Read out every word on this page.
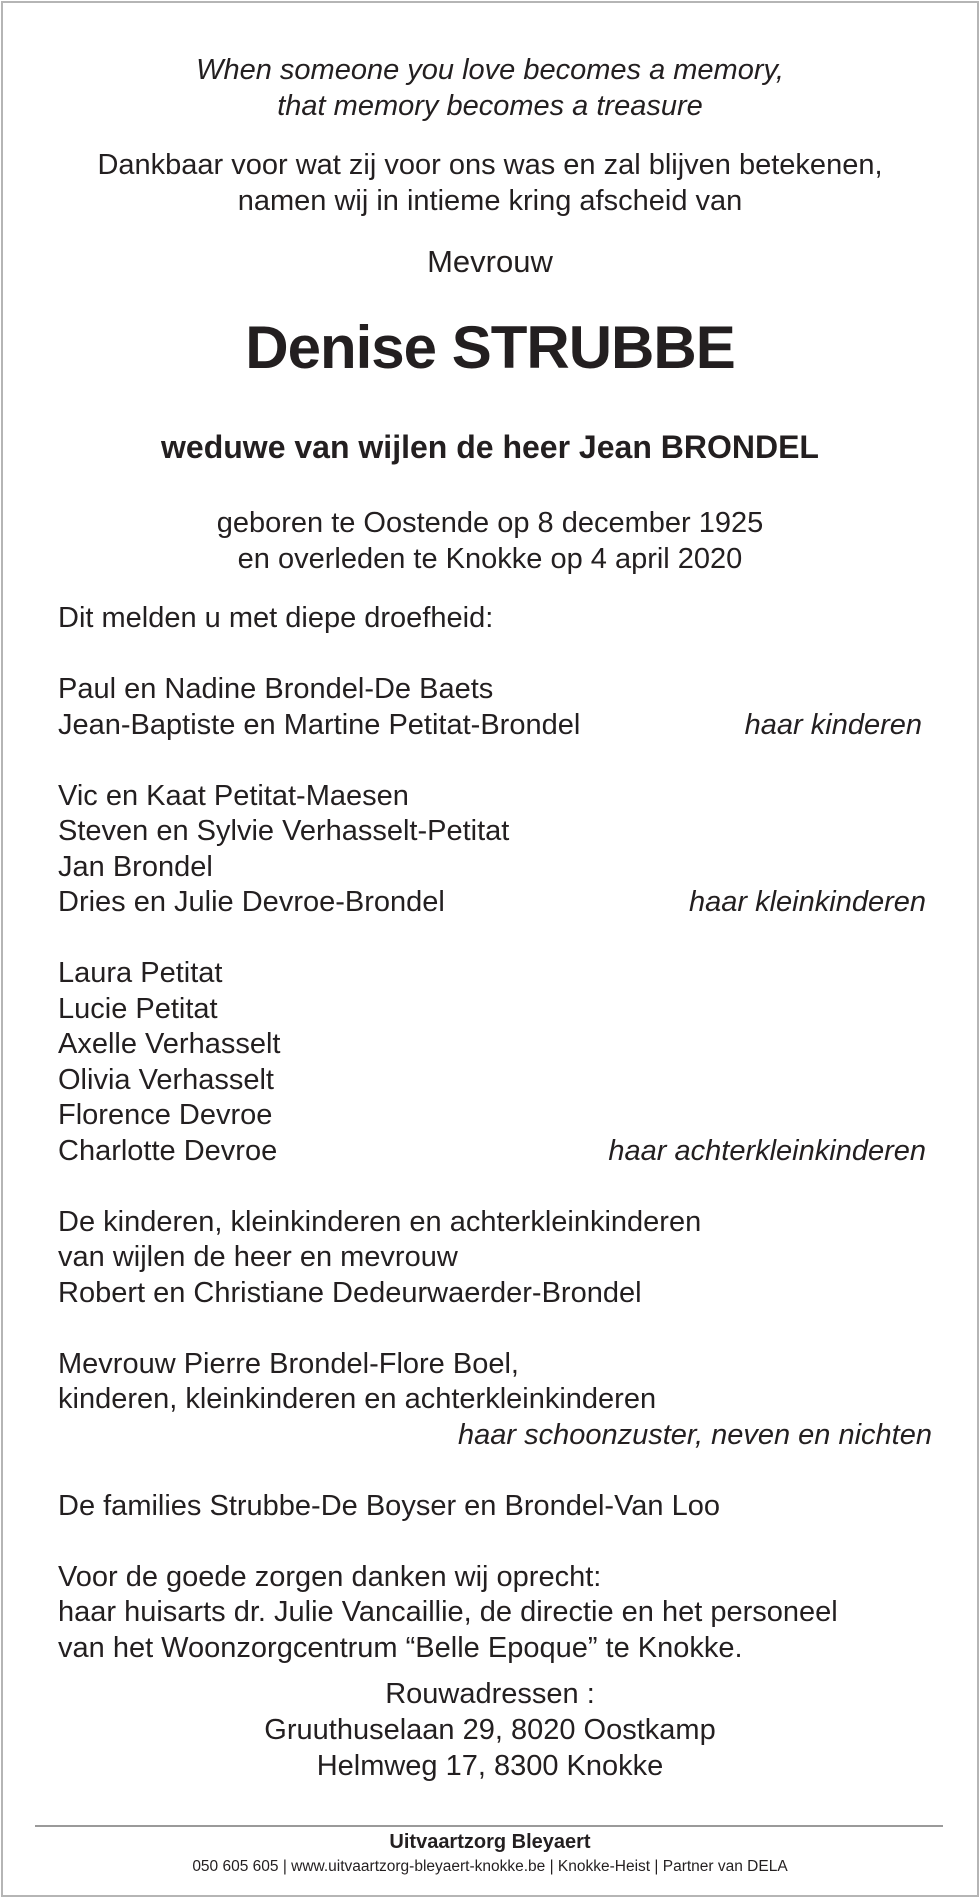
When someone you love becomes a memory,
that memory becomes a treasure
Dankbaar voor wat zij voor ons was en zal blijven betekenen,
namen wij in intieme kring afscheid van
Mevrouw
Denise STRUBBE
weduwe van wijlen de heer Jean BRONDEL
geboren te Oostende op 8 december 1925
en overleden te Knokke op 4 april 2020
Dit melden u met diepe droefheid:
Paul en Nadine Brondel-De Baets
Jean-Baptiste en Martine Petitat-Brondel	haar kinderen
Vic en Kaat Petitat-Maesen
Steven en Sylvie Verhasselt-Petitat
Jan Brondel
Dries en Julie Devroe-Brondel	haar kleinkinderen
Laura Petitat
Lucie Petitat
Axelle Verhasselt
Olivia Verhasselt
Florence Devroe
Charlotte Devroe	haar achterkleinkinderen
De kinderen, kleinkinderen en achterkleinkinderen
van wijlen de heer en mevrouw
Robert en Christiane Dedeurwaerder-Brondel
Mevrouw Pierre Brondel-Flore Boel,
kinderen, kleinkinderen en achterkleinkinderen
haar schoonzuster, neven en nichten
De families Strubbe-De Boyser en Brondel-Van Loo
Voor de goede zorgen danken wij oprecht:
haar huisarts dr. Julie Vancaillie, de directie en het personeel
van het Woonzorgcentrum “Belle Epoque” te Knokke.
Rouwadressen :
Gruuthuselaan 29, 8020 Oostkamp
Helmweg 17, 8300 Knokke
Uitvaartzorg Bleyaert
050 605 605 | www.uitvaartzorg-bleyaert-knokke.be | Knokke-Heist | Partner van DELA
